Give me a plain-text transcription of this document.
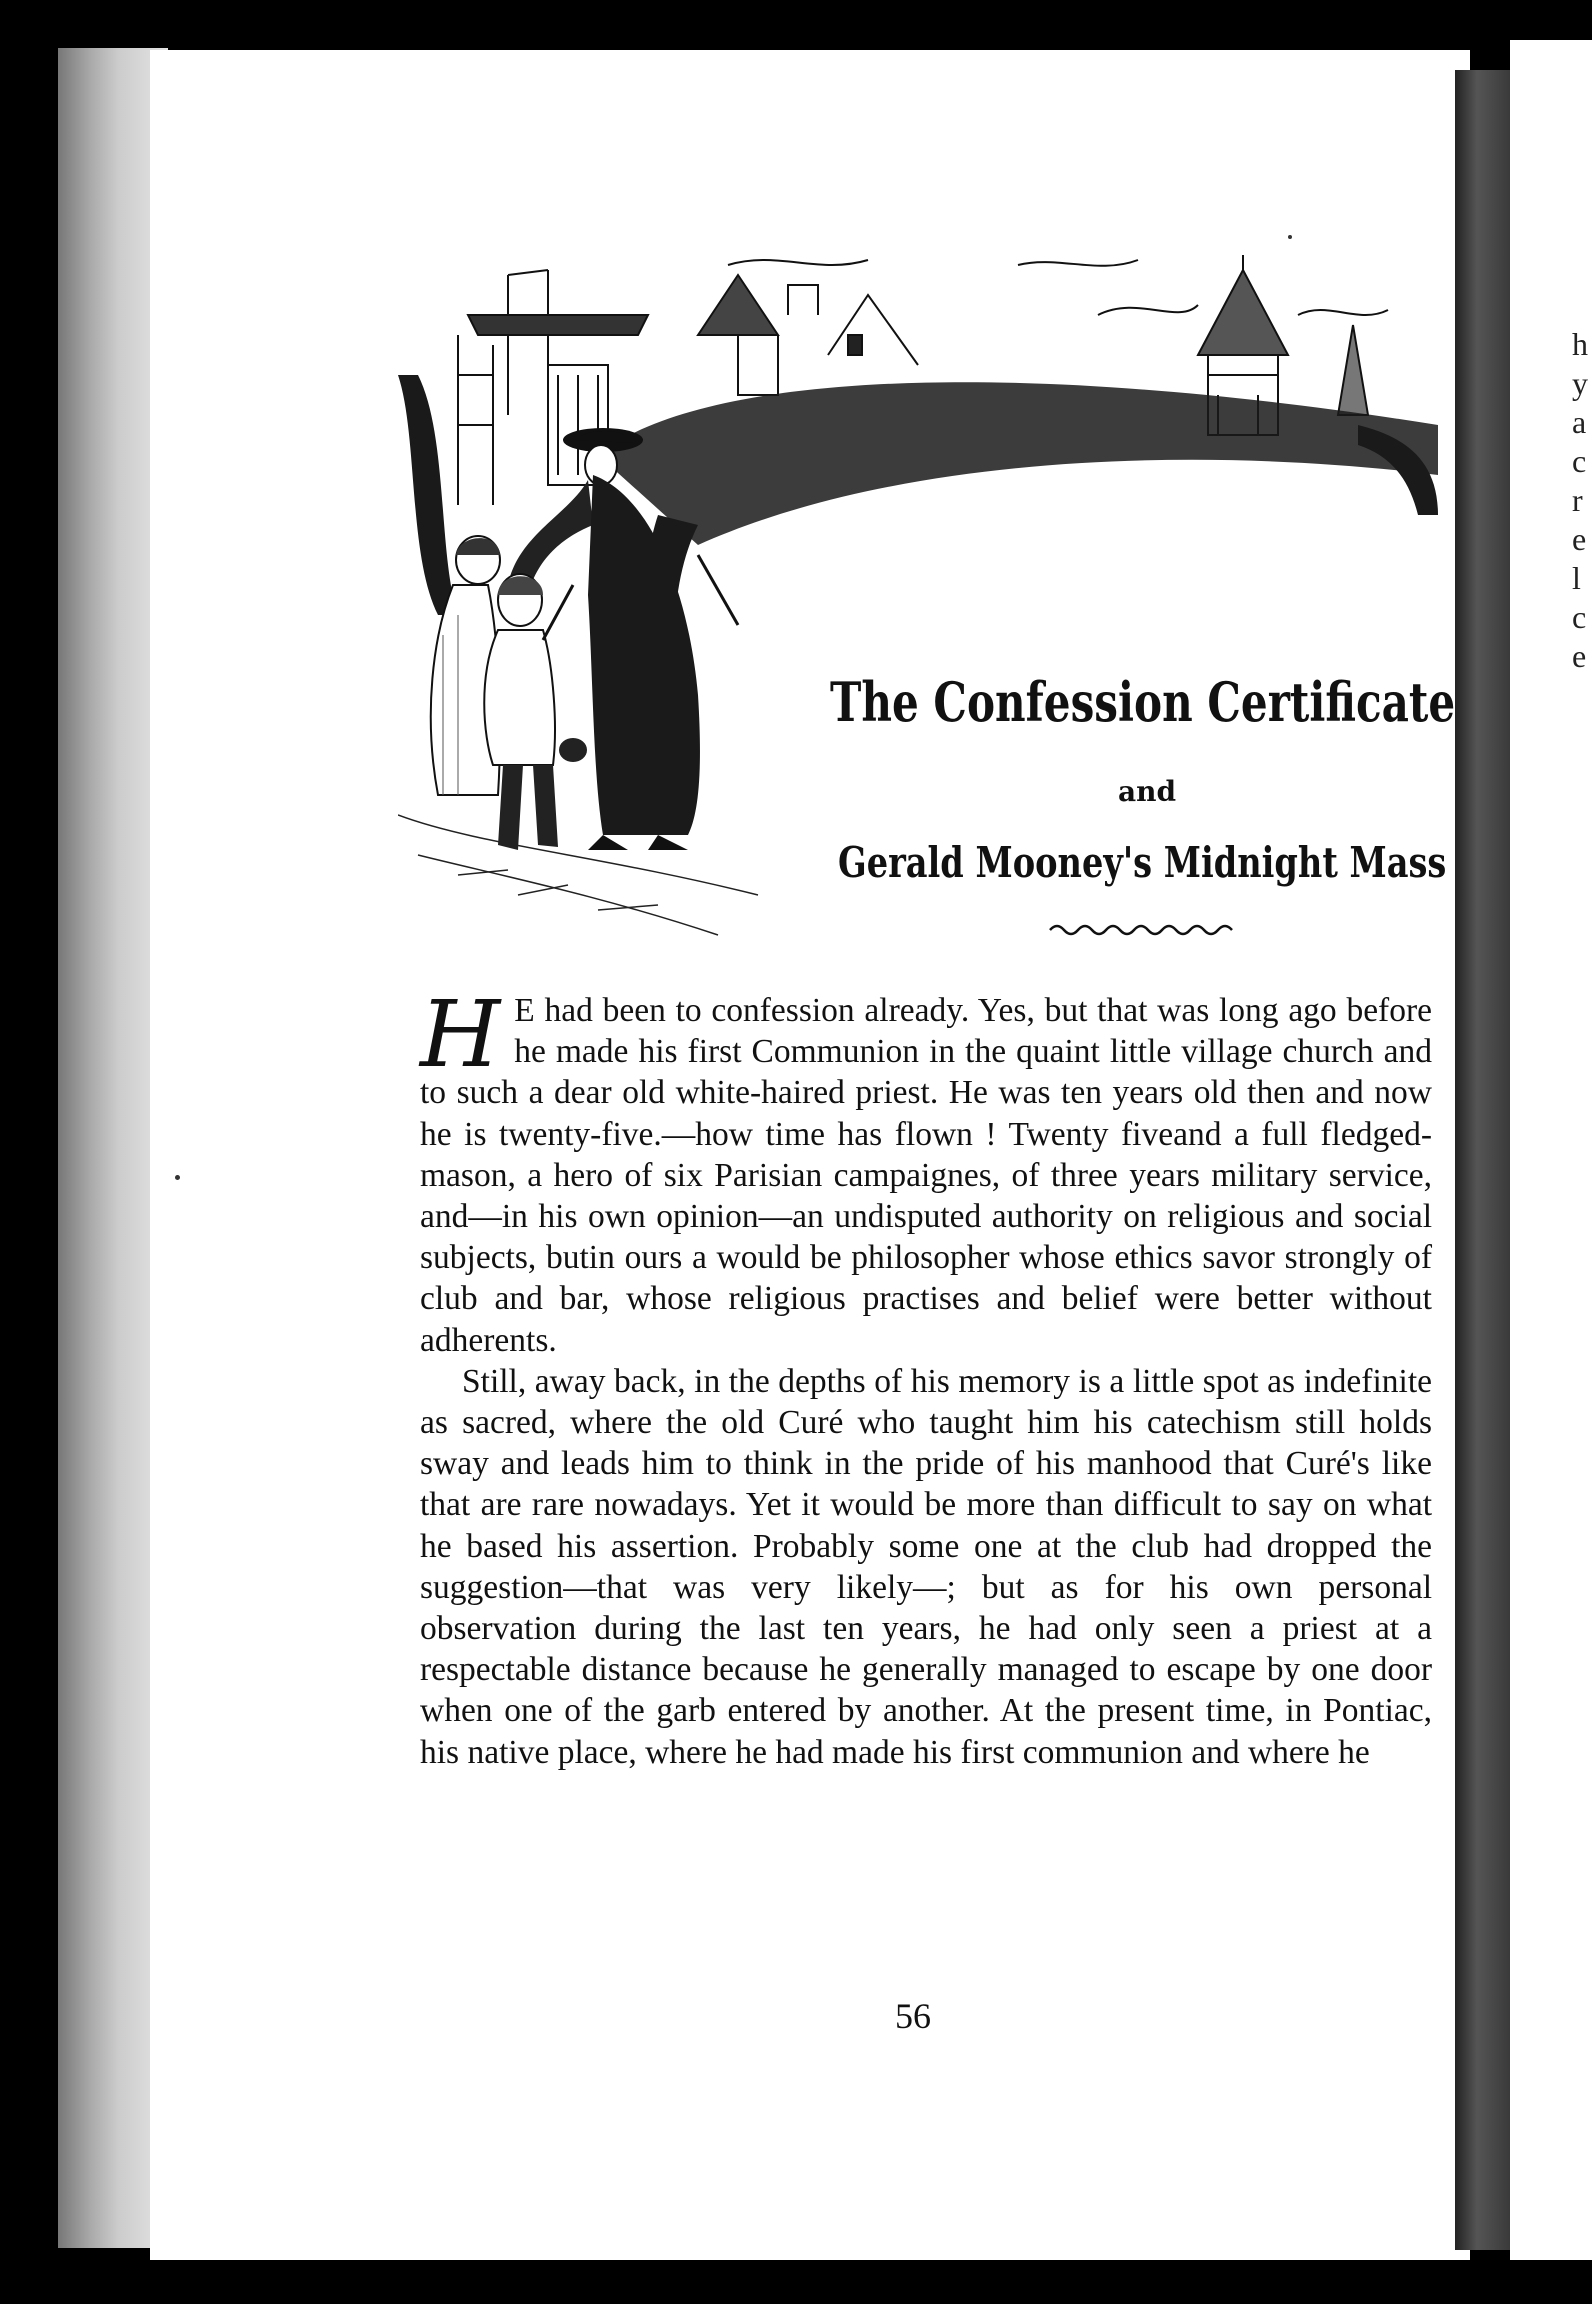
h
y
a
c
r
e
l
c
e
The Confession Certificate
and
Gerald Mooney's Midnight Mass

H E had been to confession already. Yes, but that was long ago before he made his first Communion in the quaint little village church and to such a dear old white-haired priest. He was ten years old then and now he is twenty-five.—how time has flown ! Twenty fiveand a full fledged-mason, a hero of six Parisian campaignes, of three years military service, and—in his own opinion—an undisputed authority on religious and social subjects, butin ours a would be philosopher whose ethics savor strongly of club and bar, whose religious practises and belief were better without adherents.

Still, away back, in the depths of his memory is a little spot as indefinite as sacred, where the old Curé who taught him his catechism still holds sway and leads him to think in the pride of his manhood that Curé's like that are rare nowadays. Yet it would be more than difficult to say on what he based his assertion. Probably some one at the club had dropped the suggestion—that was very likely—; but as for his own personal observation during the last ten years, he had only seen a priest at a respectable distance because he generally managed to escape by one door when one of the garb entered by another. At the present time, in Pontiac, his native place, where he had made his first communion and where he

56
